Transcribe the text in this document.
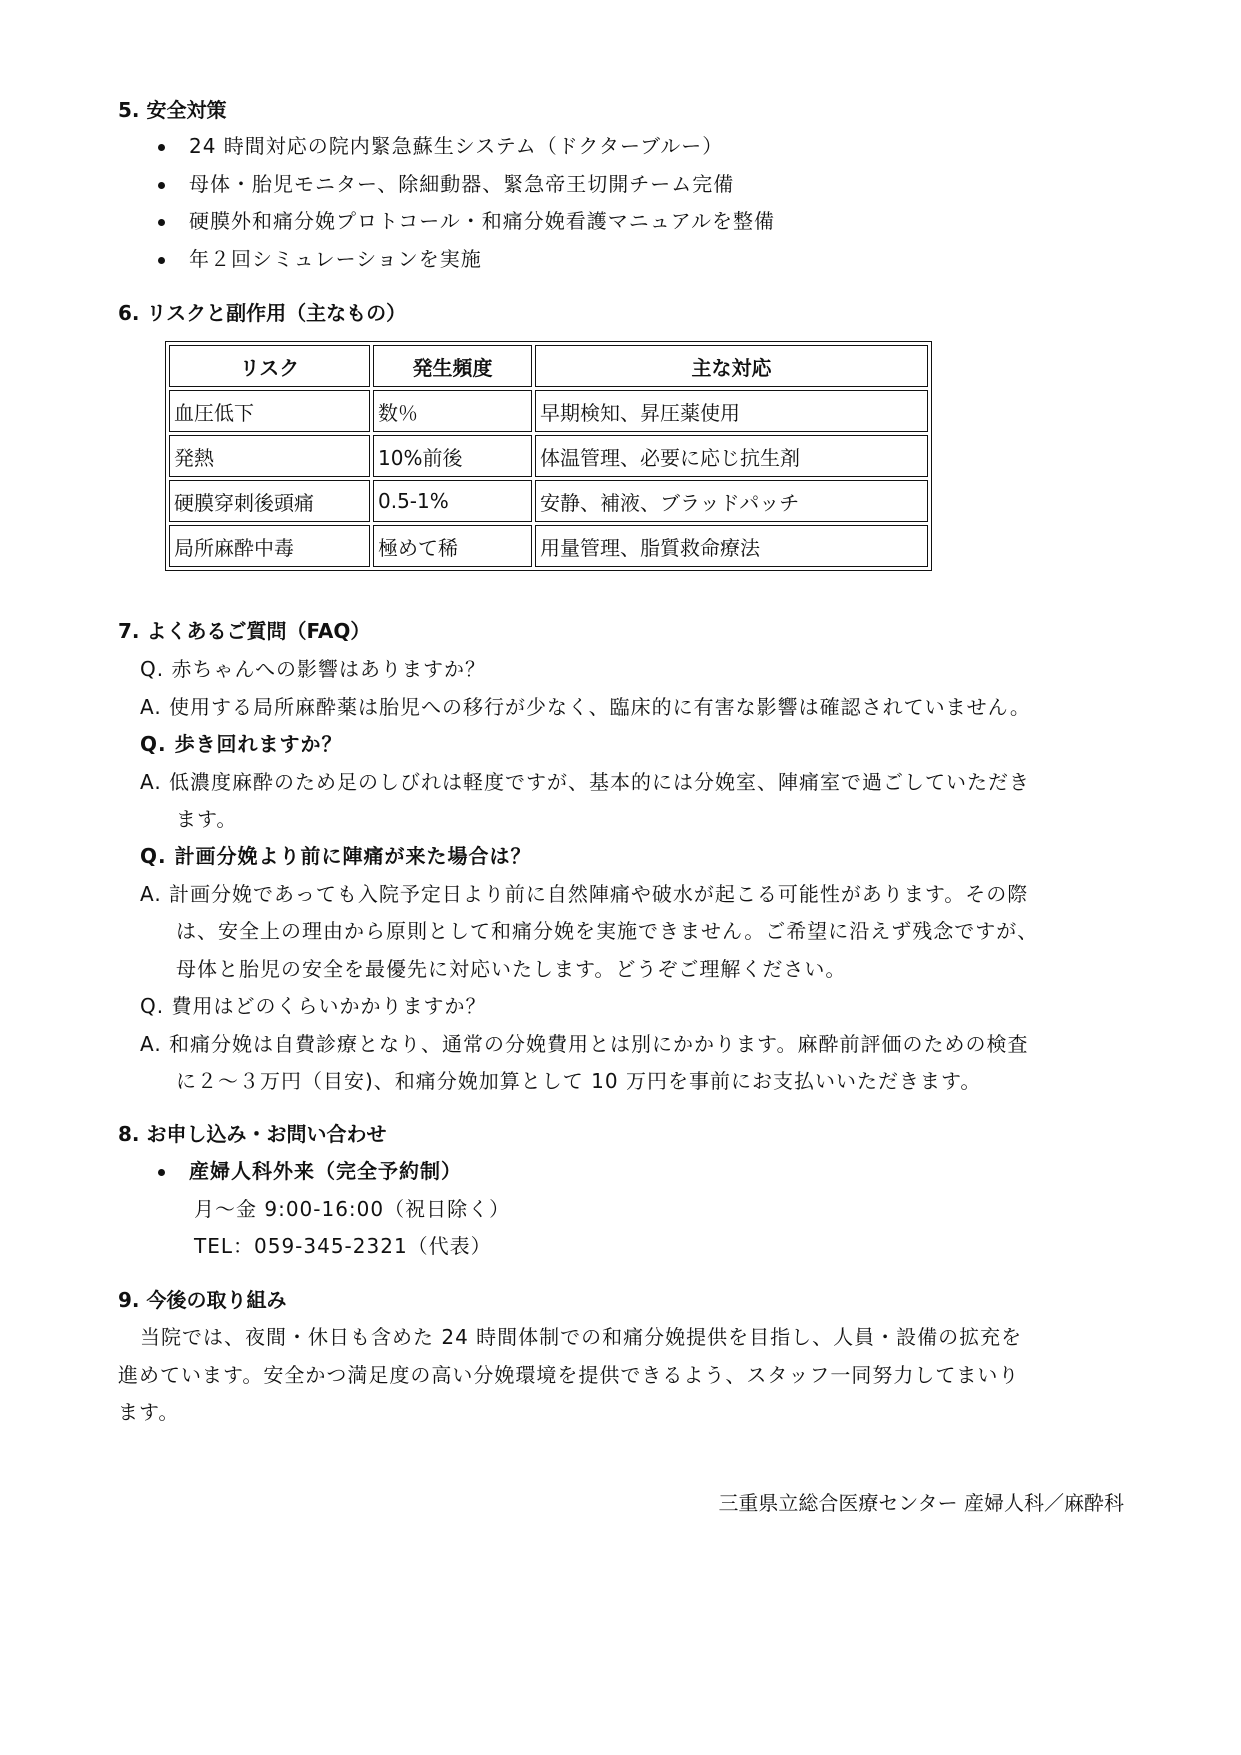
5. 安全対策
24 時間対応の院内緊急蘇生システム（ドクターブルー）
母体・胎児モニター、除細動器、緊急帝王切開チーム完備
硬膜外和痛分娩プロトコール・和痛分娩看護マニュアルを整備
年２回シミュレーションを実施
6. リスクと副作用（主なもの）
リスク	発生頻度	主な対応
血圧低下	数％	早期検知、昇圧薬使用
発熱	10%前後	体温管理、必要に応じ抗生剤
硬膜穿刺後頭痛	0.5-1%	安静、補液、ブラッドパッチ
局所麻酔中毒	極めて稀	用量管理、脂質救命療法
7. よくあるご質問（FAQ）
Q. 赤ちゃんへの影響はありますか？
A. 使用する局所麻酔薬は胎児への移行が少なく、臨床的に有害な影響は確認されていません。
Q. 歩き回れますか？
A. 低濃度麻酔のため足のしびれは軽度ですが、基本的には分娩室、陣痛室で過ごしていただき
ます。
Q. 計画分娩より前に陣痛が来た場合は？
A. 計画分娩であっても入院予定日より前に自然陣痛や破水が起こる可能性があります。その際
は、安全上の理由から原則として和痛分娩を実施できません。ご希望に沿えず残念ですが、
母体と胎児の安全を最優先に対応いたします。どうぞご理解ください。
Q. 費用はどのくらいかかりますか？
A. 和痛分娩は自費診療となり、通常の分娩費用とは別にかかります。麻酔前評価のための検査
に２～３万円（目安)、和痛分娩加算として 10 万円を事前にお支払いいただきます。
8. お申し込み・お問い合わせ
産婦人科外来（完全予約制）
月～金 9:00-16:00（祝日除く）
TEL：059-345-2321（代表）
9. 今後の取り組み
当院では、夜間・休日も含めた 24 時間体制での和痛分娩提供を目指し、人員・設備の拡充を
進めています。安全かつ満足度の高い分娩環境を提供できるよう、スタッフ一同努力してまいり
ます。
三重県立総合医療センター 産婦人科／麻酔科
